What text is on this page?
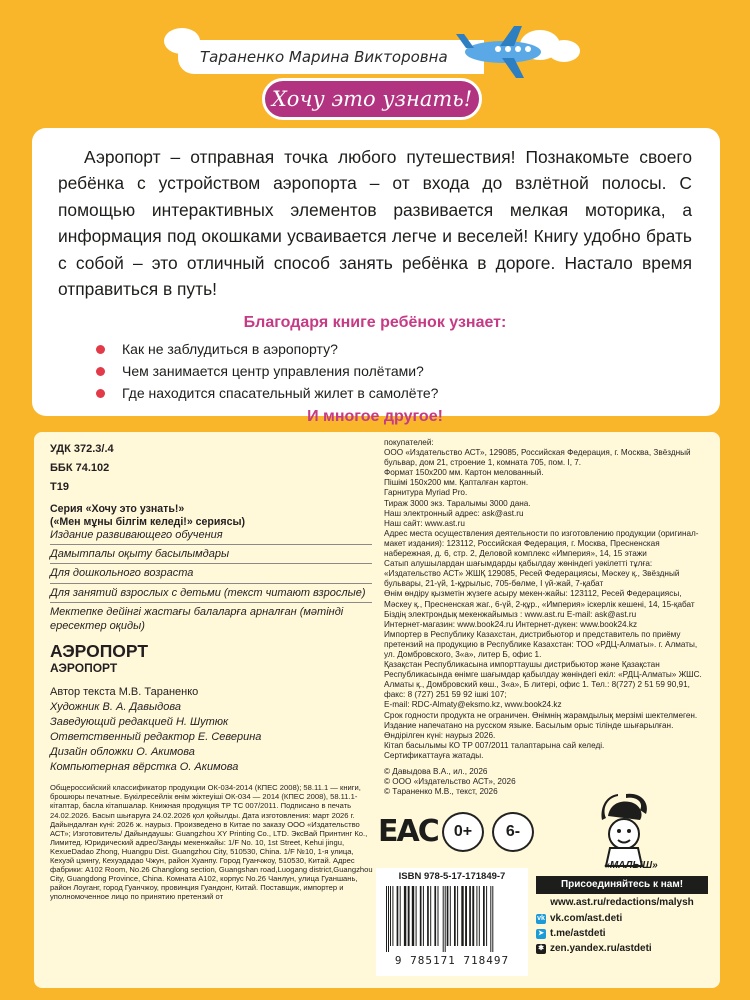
Тараненко Марина Викторовна
Хочу это узнать!

Аэропорт – отправная точка любого путешествия! Познакомьте своего ребёнка с устройством аэропорта – от входа до взлётной полосы. С помощью интерактивных элементов развивается мелкая моторика, а информация под окошками усваивается легче и веселей! Книгу удобно брать с собой – это отличный способ занять ребёнка в дороге. Настало время отправиться в путь!

Благодаря книге ребёнок узнает:
Как не заблудиться в аэропорту?
Чем занимается центр управления полётами?
Где находится спасательный жилет в самолёте?
И многое другое!
УДК 372.3/.4
ББК 74.102
Т19
Серия «Хочу это узнать!»
(«Мен мұны білгім келеді!» сериясы)
Издание развивающего обучения
Дамытпалы оқыту басылымдары
Для дошкольного возраста
Для занятий взрослых с детьми (текст читают взрослые)
Мектепке дейінгі жастағы балаларға арналған (мәтінді ересектер оқиды)
АЭРОПОРТ
АЭРОПОРТ
Автор текста М.В. Тараненко
Художник В. А. Давыдова
Заведующий редакцией Н. Шутюк
Ответственный редактор Е. Северина
Дизайн обложки О. Акимова
Компьютерная вёрстка О. Акимова
Общероссийский классификатор продукции ОК-034-2014 (КПЕС 2008); 58.11.1 — книги, брошюры печатные. Бүкілресейлік өнім жіктеуіші ОК-034 — 2014 (КПЕС 2008), 58.11.1-кітаптар, басла кітапшалар. Книжная продукция ТР ТС 007/2011. Подписано в печать 24.02.2026. Басып шығаруға 24.02.2026 қол қойылды. Дата изготовления: март 2026 г. Дайындалған күні: 2026 ж. наурыз. Произведено в Китае по заказу ООО «Издательство АСТ»; Изготовитель/ Дайындаушы: Guangzhou XY Printing Co., LTD. ЭксВай Принтинг Ко., Лимитед. Юридический адрес/Заңды мекенжайы: 1/F No. 10, 1st Street, Kehui jingu, KexueDadao Zhong, Huangpu Dist. Guangzhou City, 510530, China. 1/F №10, 1-я улица, Кехуэй цзингу, Кехуэдадао Чжун, район Хуанпу. Город Гуанчжоу, 510530, Китай. Адрес фабрики: A102 Room, No.26 Changlong section, Guangshan road,Luogang district,Guangzhou City, Guangdong Province, China. Комната А102, корпус No.26 Чанлун, улица Гуаншань, район Лоуганг, город Гуанчжоу, провинция Гуандонг, Китай. Поставщик, импортер и уполномоченное лицо по принятию претензий от

покупателей:

ООО «Издательство АСТ», 129085, Российская Федерация, г. Москва, Звёздный бульвар, дом 21, строение 1, комната 705, пом. I, 7.

Формат 150х200 мм. Картон мелованный.

Пішімі 150х200 мм. Қапталған картон.

Гарнитура Myriad Pro.

Тираж 3000 экз. Таралымы 3000 дана.

Наш электронный адрес: ask@ast.ru

Наш сайт: www.ast.ru

Адрес места осуществления деятельности по изготовлению продукции (оригинал-макет издания): 123112, Российская Федерация, г. Москва, Пресненская набережная, д. 6, стр. 2, Деловой комплекс «Империя», 14, 15 этажи

Сатып алушылардан шағымдарды қабылдау жөніндегі уәкілетті тұлға: «Издательство АСТ» ЖШҚ 129085, Ресей Федерациясы, Мәскеу қ., Звёздный бульвары, 21-үй, 1-құрылыс, 705-бөлме, I үй-жай, 7-қабат

Өнім өндіру қызметін жүзеге асыру мекен-жайы: 123112, Ресей Федерациясы, Мәскеу қ., Пресненская жаг., 6-үй, 2-құр., «Империя» іскерлік кешені, 14, 15-қабат

Біздің электрондық мекенжайымыз : www.ast.ru E-mail: ask@ast.ru

Интернет-магазин: www.book24.ru Интернет-дүкен: www.book24.kz

Импортер в Республику Казахстан, дистрибьютор и представитель по приёму претензий на продукцию в Республике Казахстан: ТОО «РДЦ-Алматы». г. Алматы, ул. Домбровского, 3«а», литер Б, офис 1.

Қазақстан Республикасына импорттаушы дистрибьютор және Қазақстан Республикасында өнімге шағымдар қабылдау жөніндегі екіл: «РДЦ-Алматы» ЖШС. Алматы қ., Домбровский көш., 3«а», Б литері, офис 1. Тел.: 8(727) 2 51 59 90,91, факс: 8 (727) 251 59 92 ішкі 107;

E-mail: RDC-Almaty@eksmo.kz, www.book24.kz

Срок годности продукта не ограничен. Өнімнің жарамдылық мерзімі шектелмеген.

Издание напечатано на русском языке. Басылым орыс тілінде шығарылған.

Өндірілген күні: наурыз 2026.

Кітап басылымы КО ТР 007/2011 талаптарына сай келеді.

Сертификаттауға жатады.

© Давыдова В.А., ил., 2026

© ООО «Издательство АСТ», 2026

© Тараненко М.В., текст, 2026

EAC	0+	6-
ISBN 978-5-17-171849-7
9 785171 718497
«МАЛЫШ»
Присоединяйтесь к нам!
www.ast.ru/redactions/malysh
vk vk.com/ast.deti
➤ t.me/astdeti
✱ zen.yandex.ru/astdeti
